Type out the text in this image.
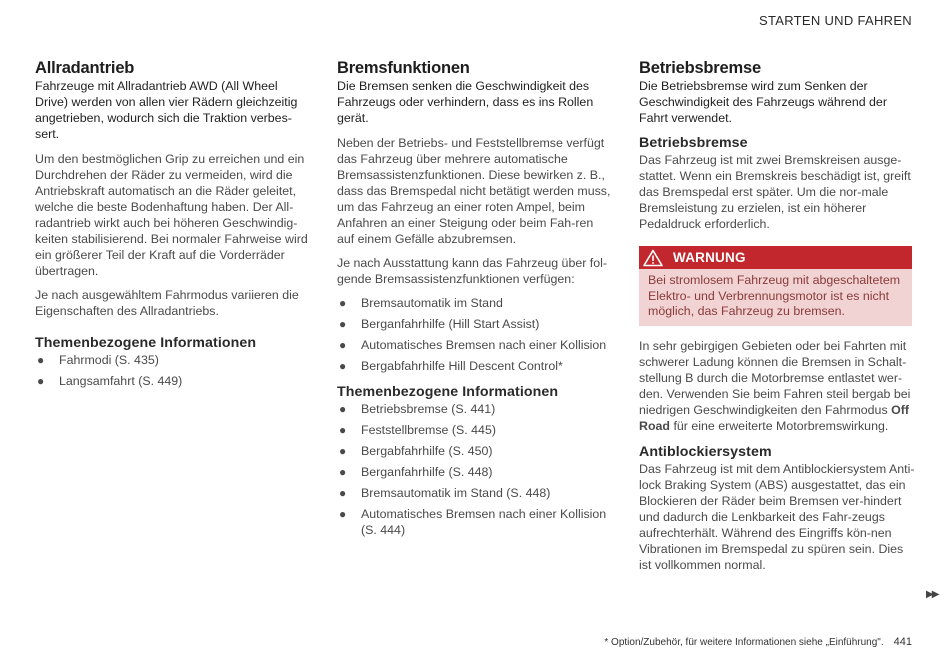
STARTEN UND FAHREN
Allradantrieb
Fahrzeuge mit Allradantrieb AWD (All Wheel Drive) werden von allen vier Rädern gleichzeitig angetrieben, wodurch sich die Traktion verbes-sert.

Um den bestmöglichen Grip zu erreichen und ein Durchdrehen der Räder zu vermeiden, wird die Antriebskraft automatisch an die Räder geleitet, welche die beste Bodenhaftung haben. Der All-radantrieb wirkt auch bei höheren Geschwindig-keiten stabilisierend. Bei normaler Fahrweise wird ein größerer Teil der Kraft auf die Vorderräder übertragen.

Je nach ausgewähltem Fahrmodus variieren die Eigenschaften des Allradantriebs.

Themenbezogene Informationen
● Fahrmodi (S. 435)
● Langsamfahrt (S. 449)
Bremsfunktionen
Die Bremsen senken die Geschwindigkeit des Fahrzeugs oder verhindern, dass es ins Rollen gerät.

Neben der Betriebs- und Feststellbremse verfügt das Fahrzeug über mehrere automatische Bremsassistenzfunktionen. Diese bewirken z. B., dass das Bremspedal nicht betätigt werden muss, um das Fahrzeug an einer roten Ampel, beim Anfahren an einer Steigung oder beim Fah-ren auf einem Gefälle abzubremsen.

Je nach Ausstattung kann das Fahrzeug über fol-gende Bremsassistenzfunktionen verfügen:

● Bremsautomatik im Stand
● Berganfahrhilfe (Hill Start Assist)
● Automatisches Bremsen nach einer Kollision
● Bergabfahrhilfe Hill Descent Control*
Themenbezogene Informationen
● Betriebsbremse (S. 441)
● Feststellbremse (S. 445)
● Bergabfahrhilfe (S. 450)
● Berganfahrhilfe (S. 448)
● Bremsautomatik im Stand (S. 448)
● Automatisches Bremsen nach einer Kollision (S. 444)
Betriebsbremse
Die Betriebsbremse wird zum Senken der Geschwindigkeit des Fahrzeugs während der Fahrt verwendet.
Betriebsbremse

Das Fahrzeug ist mit zwei Bremskreisen ausge-stattet. Wenn ein Bremskreis beschädigt ist, greift das Bremspedal erst später. Um die nor-male Bremsleistung zu erzielen, ist ein höherer Pedaldruck erforderlich.

WARNUNG
Bei stromlosem Fahrzeug mit abgeschaltetem Elektro- und Verbrennungsmotor ist es nicht möglich, das Fahrzeug zu bremsen.

In sehr gebirgigen Gebieten oder bei Fahrten mit schwerer Ladung können die Bremsen in Schalt-stellung B durch die Motorbremse entlastet wer-den. Verwenden Sie beim Fahren steil bergab bei niedrigen Geschwindigkeiten den Fahrmodus Off Road für eine erweiterte Motorbremswirkung.

Antiblockiersystem

Das Fahrzeug ist mit dem Antiblockiersystem Anti-lock Braking System (ABS) ausgestattet, das ein Blockieren der Räder beim Bremsen ver-hindert und dadurch die Lenkbarkeit des Fahr-zeugs aufrechterhält. Während des Eingriffs kön-nen Vibrationen im Bremspedal zu spüren sein. Dies ist vollkommen normal.

▶▶
* Option/Zubehör, für weitere Informationen siehe „Einführung". 441
